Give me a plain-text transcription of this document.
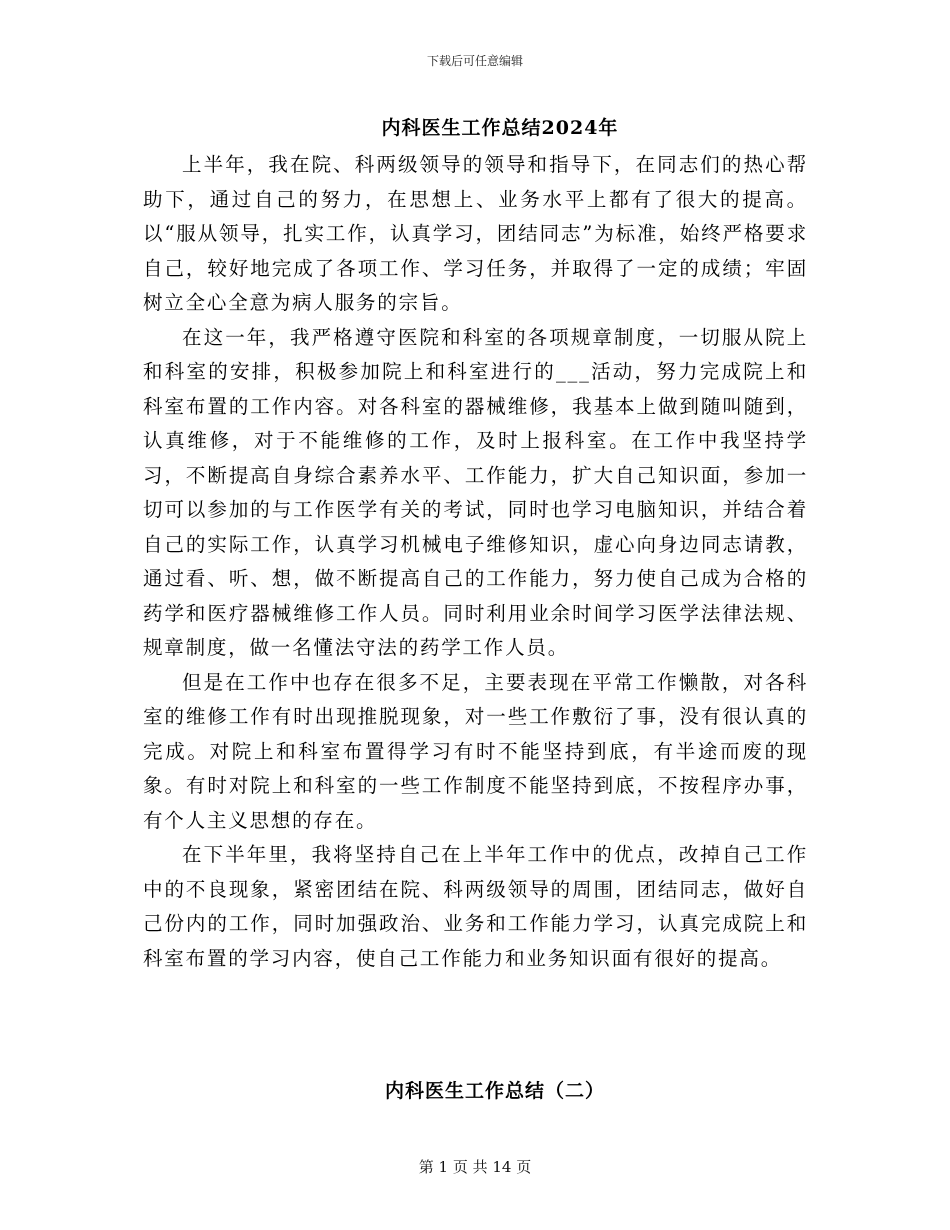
下载后可任意编辑
内科医生工作总结2024年

上半年，我在院、科两级领导的领导和指导下，在同志们的热心帮助下，通过自己的努力，在思想上、业务水平上都有了很大的提高。以“服从领导，扎实工作，认真学习，团结同志”为标准，始终严格要求自己，较好地完成了各项工作、学习任务，并取得了一定的成绩；牢固树立全心全意为病人服务的宗旨。

在这一年，我严格遵守医院和科室的各项规章制度，一切服从院上和科室的安排，积极参加院上和科室进行的___活动，努力完成院上和科室布置的工作内容。对各科室的器械维修，我基本上做到随叫随到，认真维修，对于不能维修的工作，及时上报科室。在工作中我坚持学习，不断提高自身综合素养水平、工作能力，扩大自己知识面，参加一切可以参加的与工作医学有关的考试，同时也学习电脑知识，并结合着自己的实际工作，认真学习机械电子维修知识，虚心向身边同志请教，通过看、听、想，做不断提高自己的工作能力，努力使自己成为合格的药学和医疗器械维修工作人员。同时利用业余时间学习医学法律法规、规章制度，做一名懂法守法的药学工作人员。

但是在工作中也存在很多不足，主要表现在平常工作懒散，对各科室的维修工作有时出现推脱现象，对一些工作敷衍了事，没有很认真的完成。对院上和科室布置得学习有时不能坚持到底，有半途而废的现象。有时对院上和科室的一些工作制度不能坚持到底，不按程序办事，有个人主义思想的存在。

在下半年里，我将坚持自己在上半年工作中的优点，改掉自己工作中的不良现象，紧密团结在院、科两级领导的周围，团结同志，做好自己份内的工作，同时加强政治、业务和工作能力学习，认真完成院上和科室布置的学习内容，使自己工作能力和业务知识面有很好的提高。

内科医生工作总结（二）
第 1 页 共 14 页
